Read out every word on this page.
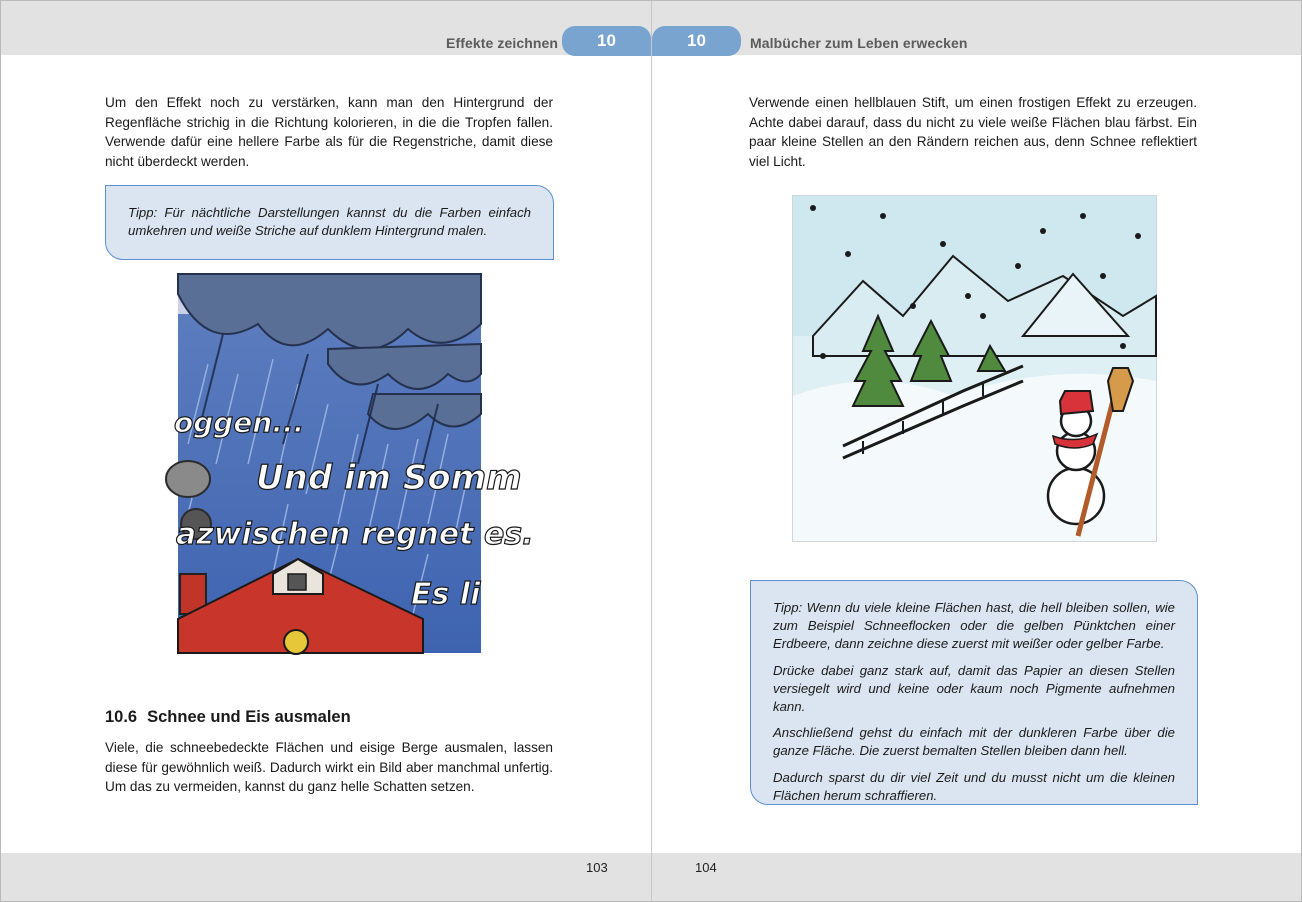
Effekte zeichnen	10

Um den Effekt noch zu verstärken, kann man den Hintergrund der Regenfläche strichig in die Richtung kolorieren, in die die Tropfen fallen. Verwende dafür eine hellere Farbe als für die Regenstriche, damit diese nicht überdeckt werden.

Tipp: Für nächtliche Darstellungen kannst du die Farben einfach umkehren und weiße Striche auf dunklem Hintergrund malen.

oggen...
Und im Somm
azwischen regnet es.
Es li
10.6 Schnee und Eis ausmalen

Viele, die schneebedeckte Flächen und eisige Berge ausmalen, lassen diese für gewöhnlich weiß. Dadurch wirkt ein Bild aber manchmal unfertig. Um das zu vermeiden, kannst du ganz helle Schatten setzen.

103
10	Malbücher zum Leben erwecken

Verwende einen hellblauen Stift, um einen frostigen Effekt zu erzeugen. Achte dabei darauf, dass du nicht zu viele weiße Flächen blau färbst. Ein paar kleine Stellen an den Rändern reichen aus, denn Schnee reflektiert viel Licht.

Tipp: Wenn du viele kleine Flächen hast, die hell bleiben sollen, wie zum Beispiel Schneeflocken oder die gelben Pünktchen einer Erdbeere, dann zeichne diese zuerst mit weißer oder gelber Farbe.

Drücke dabei ganz stark auf, damit das Papier an diesen Stellen versiegelt wird und keine oder kaum noch Pigmente aufnehmen kann.

Anschließend gehst du einfach mit der dunkleren Farbe über die ganze Fläche. Die zuerst bemalten Stellen bleiben dann hell.

Dadurch sparst du dir viel Zeit und du musst nicht um die kleinen Flächen herum schraffieren.

104
